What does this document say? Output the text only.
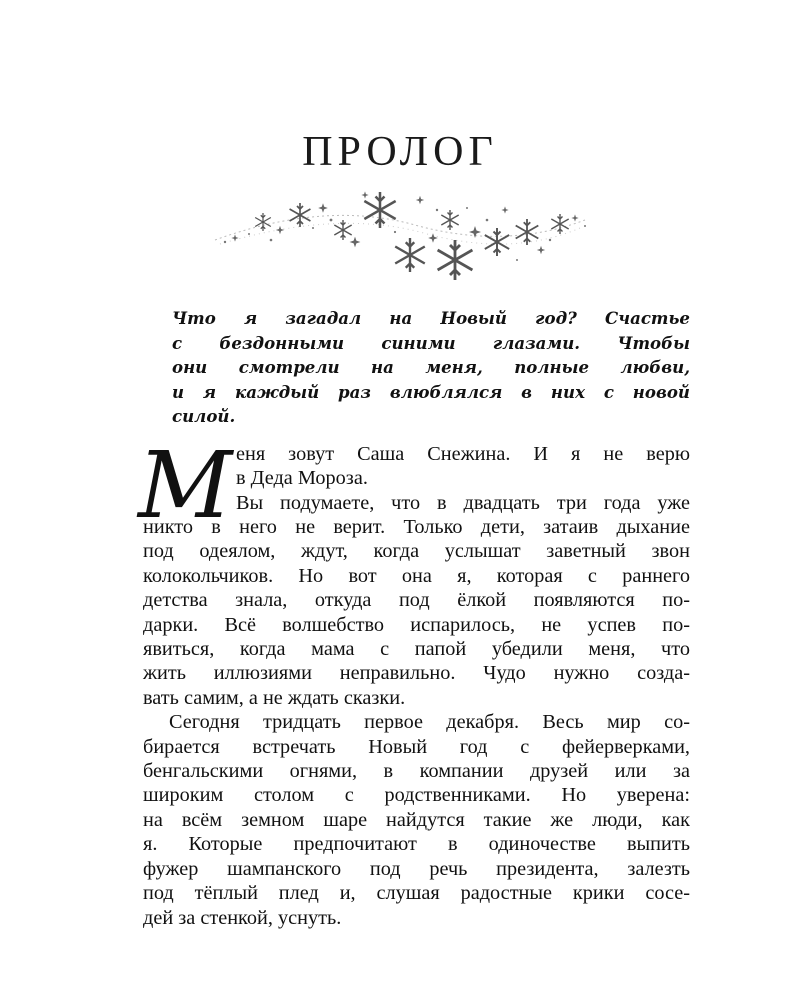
ПРОЛОГ
Что я загадал на Новый год? Счастье
с бездонными синими глазами. Чтобы
они смотрели на меня, полные любви,
и я каждый раз влюблялся в них с новой
силой.
М еня зовут Саша Снежина. И я не верю
в Деда Мороза.
Вы подумаете, что в двадцать три года уже
никто в него не верит. Только дети, затаив дыхание
под одеялом, ждут, когда услышат заветный звон
колокольчиков. Но вот она я, которая с раннего
детства знала, откуда под ёлкой появляются по-
дарки. Всё волшебство испарилось, не успев по-
явиться, когда мама с папой убедили меня, что
жить иллюзиями неправильно. Чудо нужно созда-
вать самим, а не ждать сказки.
Сегодня тридцать первое декабря. Весь мир со-
бирается встречать Новый год с фейерверками,
бенгальскими огнями, в компании друзей или за
широким столом с родственниками. Но уверена:
на всём земном шаре найдутся такие же люди, как
я. Которые предпочитают в одиночестве выпить
фужер шампанского под речь президента, залезть
под тёплый плед и, слушая радостные крики сосе-
дей за стенкой, уснуть.
